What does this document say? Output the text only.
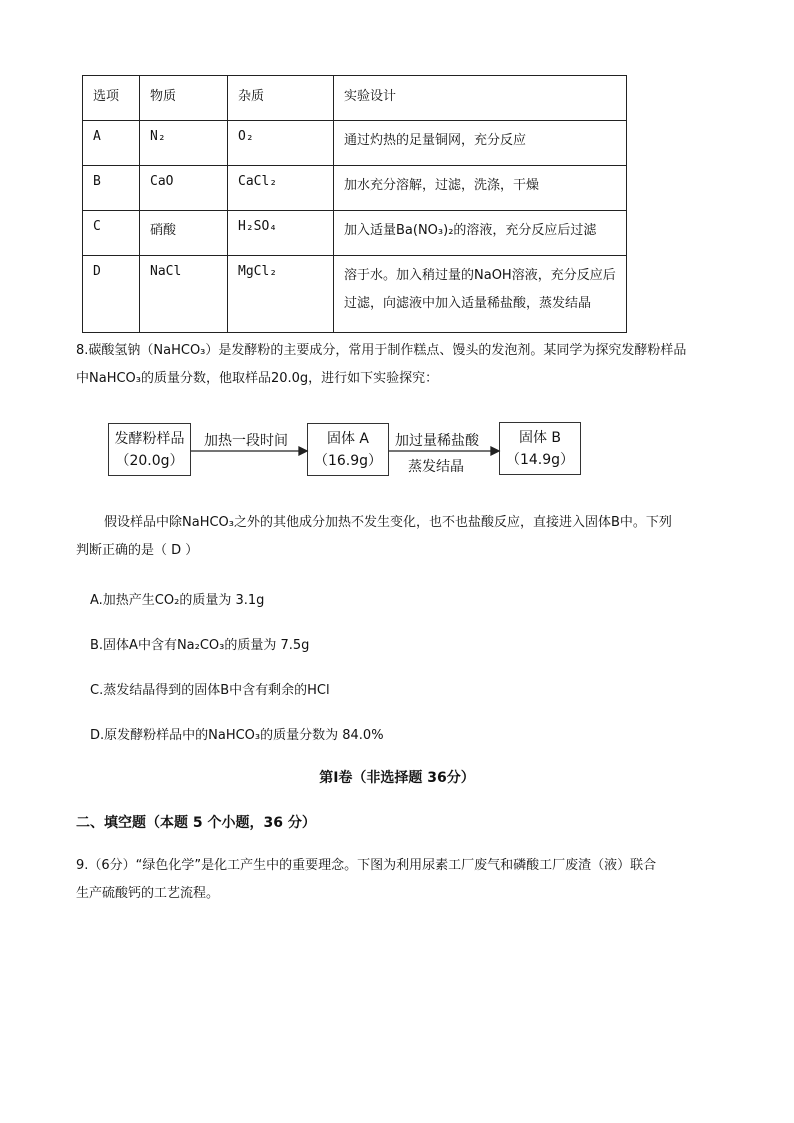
选项	物质	杂质	实验设计
A	N₂	O₂	通过灼热的足量铜网，充分反应
B	CaO	CaCl₂	加水充分溶解，过滤，洗涤，干燥
C	硝酸	H₂SO₄	加入适量Ba(NO₃)₂的溶液，充分反应后过滤
D	NaCl	MgCl₂	溶于水。加入稍过量的NaOH溶液，充分反应后
过滤，向滤液中加入适量稀盐酸，蒸发结晶
8.碳酸氢钠（NaHCO₃）是发酵粉的主要成分，常用于制作糕点、馒头的发泡剂。某同学为探究发酵粉样品
中NaHCO₃的质量分数，他取样品20.0g，进行如下实验探究：
发酵粉样品
（20.0g）
加热一段时间	固体 A
（16.9g）
加过量稀盐酸
蒸发结晶
固体 B
（14.9g）
假设样品中除NaHCO₃之外的其他成分加热不发生变化，也不也盐酸反应，直接进入固体B中。下列
判断正确的是（ D ）
A.加热产生CO₂的质量为 3.1g
B.固体A中含有Na₂CO₃的质量为 7.5g
C.蒸发结晶得到的固体B中含有剩余的HCl
D.原发酵粉样品中的NaHCO₃的质量分数为 84.0%
第Ⅰ卷（非选择题 36分）
二、填空题（本题 5 个小题，36 分）
9.（6分）“绿色化学”是化工产生中的重要理念。下图为利用尿素工厂废气和磷酸工厂废渣（液）联合
生产硫酸钙的工艺流程。
